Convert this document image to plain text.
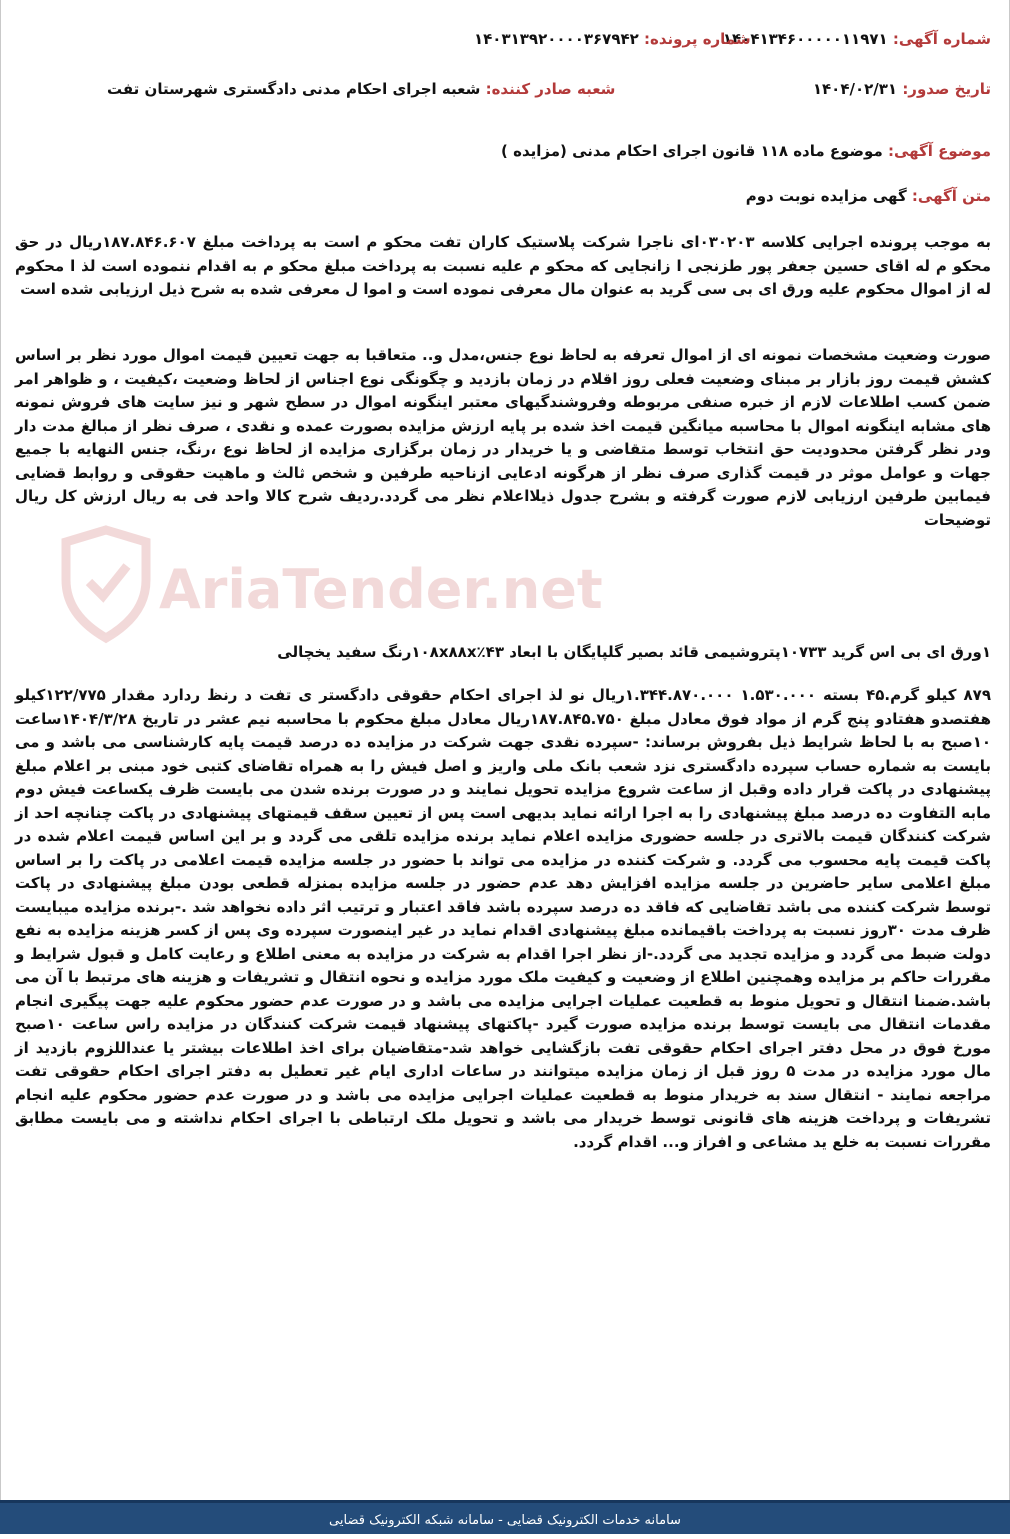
شماره آگهی: ۱۴۰۴۱۳۴۶۰۰۰۰۰۱۱۹۷۱
شماره پرونده: ۱۴۰۳۱۳۹۲۰۰۰۰۳۶۷۹۴۲
تاریخ صدور: ۱۴۰۴/۰۲/۳۱
شعبه صادر کننده: شعبه اجرای احکام مدنی دادگستری شهرستان تفت
موضوع آگهی: موضوع ماده ۱۱۸ قانون اجرای احکام مدنی (مزایده )
متن آگهی: گهی مزایده نوبت دوم
AriaTender.net
به موجب پرونده اجرایی کلاسه ۰۳۰۲۰۳ای ناجرا شرکت پلاستیک کاران تفت محکو م است به پرداخت مبلغ ۱۸۷.۸۴۶.۶۰۷ریال در حق محکو م له اقای حسین جعفر پور طزنجی ا زانجایی که محکو م علیه نسبت به پرداخت مبلغ محکو م به اقدام ننموده است لذ ا محکوم له از اموال محکوم علیه ورق ای بی سی گرید به عنوان مال معرفی نموده است و اموا ل معرفی شده به شرح ذیل ارزیابی شده است
صورت وضعیت مشخصات نمونه ای از اموال تعرفه به لحاظ نوع جنس،مدل و.. متعاقبا به جهت تعیین قیمت اموال مورد نظر بر اساس کشش قیمت روز بازار بر مبنای وضعیت فعلی روز اقلام در زمان بازدید و چگونگی نوع اجناس از لحاظ وضعیت ،کیفیت ، و ظواهر امر ضمن کسب اطلاعات لازم از خبره صنفی مربوطه وفروشندگیهای معتبر اینگونه اموال در سطح شهر و نیز سایت های فروش نمونه های مشابه اینگونه اموال با محاسبه میانگین قیمت اخذ شده بر پایه ارزش مزایده بصورت عمده و نقدی ، صرف نظر از مبالغ مدت دار ودر نظر گرفتن محدودیت حق انتخاب توسط متقاضی و یا خریدار در زمان برگزاری مزایده از لحاظ نوع ،رنگ، جنس النهایه با جمیع جهات و عوامل موثر در قیمت گذاری صرف نظر از هرگونه ادعایی ازناحیه طرفین و شخص ثالث و ماهیت حقوقی و روابط قضایی فیمابین طرفین ارزیابی لازم صورت گرفته و بشرح جدول ذیلااعلام نظر می گردد.ردیف شرح کالا واحد فی به ریال ارزش کل ریال توضیحات
۱ورق ای بی اس گرید ۱۰۷۳۳پتروشیمی قائد بصیر گلپایگان با ابعاد ۴۳٪۱۰۸x۸۸xرنگ سفید یخچالی
۸۷۹ کیلو گرم.۴۵ بسته ۱.۵۳۰.۰۰۰ ۱.۳۴۴.۸۷۰.۰۰۰ریال نو لذ اجرای احکام حقوقی دادگستر ی تفت د رنظ ردارد مقدار ۱۲۲/۷۷۵کیلو هفتصدو هفتادو پنج گرم از مواد فوق معادل مبلغ ۱۸۷.۸۴۵.۷۵۰ریال معادل مبلغ محکوم با محاسبه نیم عشر در تاریخ ۱۴۰۴/۳/۲۸ساعت ۱۰صبح به با لحاظ شرایط ذیل بفروش برساند: -سپرده نقدی جهت شرکت در مزایده ده درصد قیمت پایه کارشناسی می باشد و می بایست به شماره حساب سپرده دادگستری نزد شعب بانک ملی واریز و اصل فیش را به همراه تقاضای کتبی خود مبنی بر اعلام مبلغ پیشنهادی در پاکت قرار داده وقبل از ساعت شروع مزایده تحویل نمایند و در صورت برنده شدن می بایست ظرف یکساعت فیش دوم مابه التفاوت ده درصد مبلغ پیشنهادی را به اجرا ارائه نماید بدیهی است پس از تعیین سقف قیمتهای پیشنهادی در پاکت چنانچه احد از شرکت کنندگان قیمت بالاتری در جلسه حضوری مزایده اعلام نماید برنده مزایده تلقی می گردد و بر این اساس قیمت اعلام شده در پاکت قیمت پایه محسوب می گردد. و شرکت کننده در مزایده می تواند با حضور در جلسه مزایده قیمت اعلامی در پاکت را بر اساس مبلغ اعلامی سایر حاضرین در جلسه مزایده افزایش دهد عدم حضور در جلسه مزایده بمنزله قطعی بودن مبلغ پیشنهادی در پاکت توسط شرکت کننده می باشد تقاضایی که فاقد ده درصد سپرده باشد فاقد اعتبار و ترتیب اثر داده نخواهد شد .-برنده مزایده میبایست ظرف مدت ۳۰روز نسبت به پرداخت باقیمانده مبلغ پیشنهادی اقدام نماید در غیر اینصورت سپرده وی پس از کسر هزینه مزایده به نفع دولت ضبط می گردد و مزایده تجدید می گردد.-از نظر اجرا اقدام به شرکت در مزایده به معنی اطلاع و رعایت کامل و قبول شرایط و مقررات حاکم بر مزایده وهمچنین اطلاع از وضعیت و کیفیت ملک مورد مزایده و نحوه انتقال و تشریفات و هزینه های مرتبط با آن می باشد.ضمنا انتقال و تحویل منوط به قطعیت عملیات اجرایی مزایده می باشد و در صورت عدم حضور محکوم علیه جهت پیگیری انجام مقدمات انتقال می بایست توسط برنده مزایده صورت گیرد -پاکتهای پیشنهاد قیمت شرکت کنندگان در مزایده راس ساعت ۱۰صبح مورخ فوق در محل دفتر اجرای احکام حقوقی تفت بازگشایی خواهد شد-متقاضیان برای اخذ اطلاعات بیشتر یا عنداللزوم بازدید از مال مورد مزایده در مدت ۵ روز قبل از زمان مزایده میتوانند در ساعات اداری ایام غیر تعطیل به دفتر اجرای احکام حقوقی تفت مراجعه نمایند - انتقال سند به خریدار منوط به قطعیت عملیات اجرایی مزایده می باشد و در صورت عدم حضور محکوم علیه انجام تشریفات و پرداخت هزینه های قانونی توسط خریدار می باشد و تحویل ملک ارتباطی با اجرای احکام نداشته و می بایست مطابق مقررات نسبت به خلع ید مشاعی و افراز و... اقدام گردد.
سامانه خدمات الکترونیک قضایی - سامانه شبکه الکترونیک قضایی
